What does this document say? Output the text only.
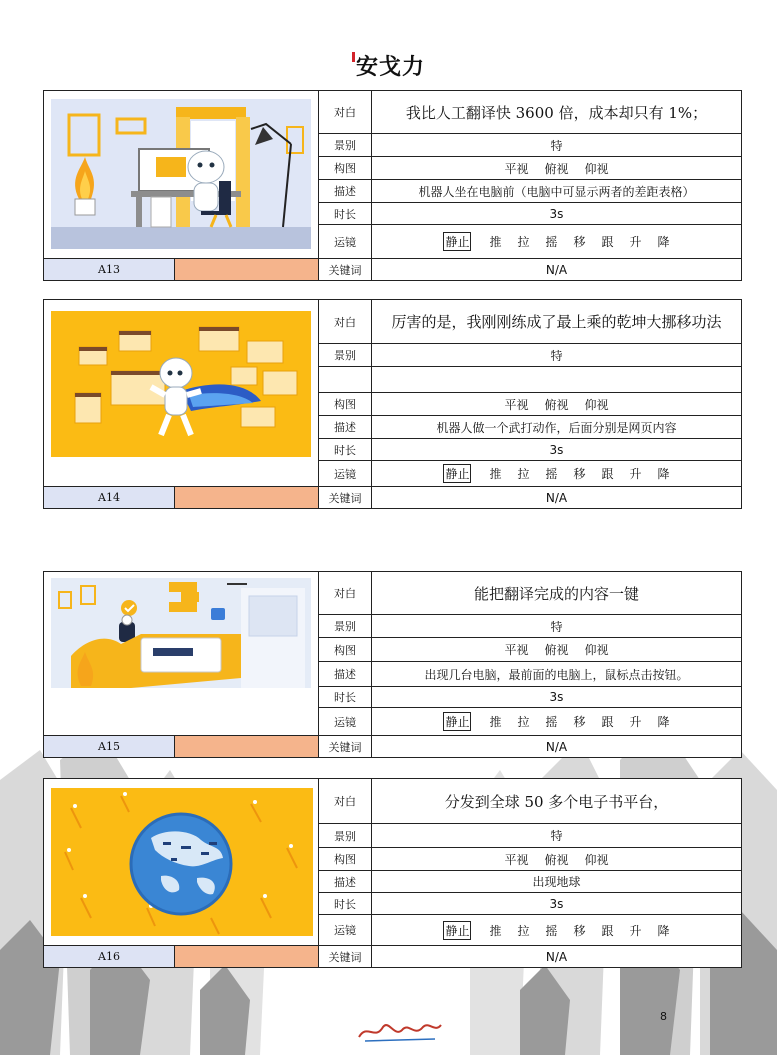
安戈力
对白	我比人工翻译快 3600 倍，成本却只有 1%；
景别	特
构图	平视 俯视 仰视
描述	机器人坐在电脑前（电脑中可显示两者的差距表格）
时长	3s
运镜	静止 推 拉 摇 移 跟 升 降
A13	关键词	N/A
对白	厉害的是，我刚刚练成了最上乘的乾坤大挪移功法
景别	特
构图	平视 俯视 仰视
描述	机器人做一个武打动作，后面分别是网页内容
时长	3s
运镜	静止 推 拉 摇 移 跟 升 降
A14	关键词	N/A
对白	能把翻译完成的内容一键
景别	特
构图	平视 俯视 仰视
描述	出现几台电脑，最前面的电脑上，鼠标点击按钮。
时长	3s
运镜	静止 推 拉 摇 移 跟 升 降
A15	关键词	N/A
对白	分发到全球 50 多个电子书平台，
景别	特
构图	平视 俯视 仰视
描述	出现地球
时长	3s
运镜	静止 推 拉 摇 移 跟 升 降
A16	关键词	N/A
8
